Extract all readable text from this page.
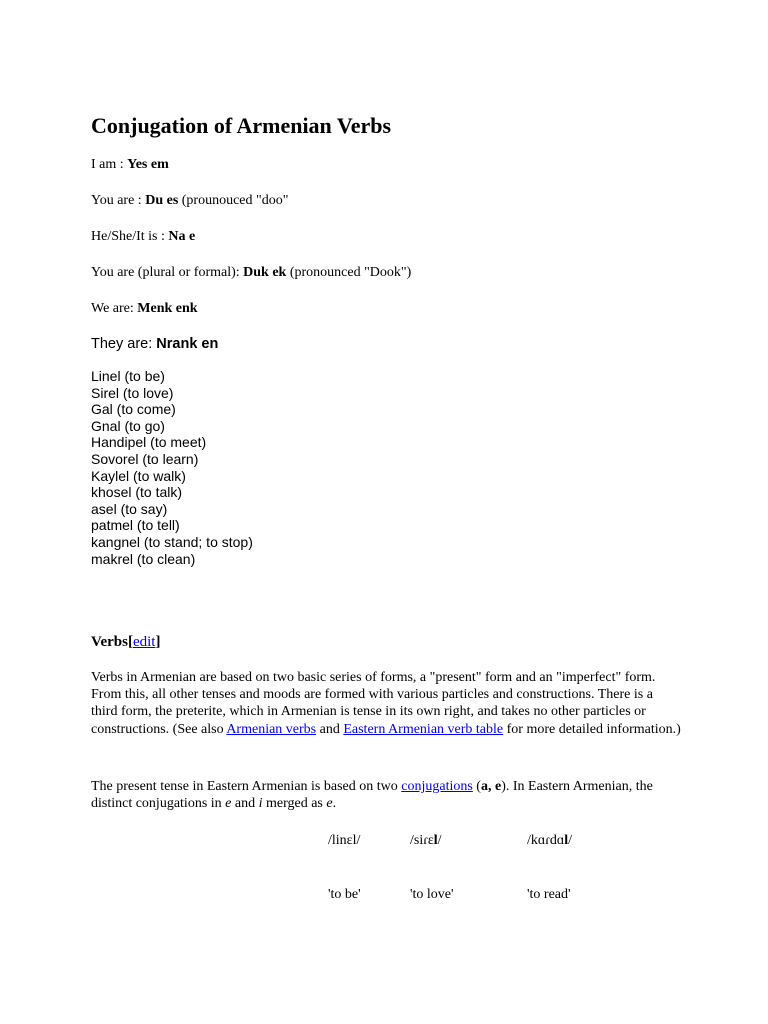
Conjugation of Armenian Verbs
I am : Yes em
You are : Du es (prounouced "doo"
He/She/It is : Na e
You are (plural or formal): Duk ek (pronounced "Dook")
We are: Menk enk
They are: Nrank en
Linel (to be)
Sirel (to love)
Gal (to come)
Gnal (to go)
Handipel (to meet)
Sovorel (to learn)
Kaylel (to walk)
khosel (to talk)
asel (to say)
patmel (to tell)
kangnel (to stand; to stop)
makrel (to clean)
Verbs[edit]

Verbs in Armenian are based on two basic series of forms, a "present" form and an "imperfect" form. From this, all other tenses and moods are formed with various particles and constructions. There is a third form, the preterite, which in Armenian is tense in its own right, and takes no other particles or constructions. (See also Armenian verbs and Eastern Armenian verb table for more detailed information.)

The present tense in Eastern Armenian is based on two conjugations (a, e). In Eastern Armenian, the distinct conjugations in e and i merged as e.

/linɛl/	/siɾɛl/	/kɑɾdɑl/
'to be'	'to love'	'to read'
